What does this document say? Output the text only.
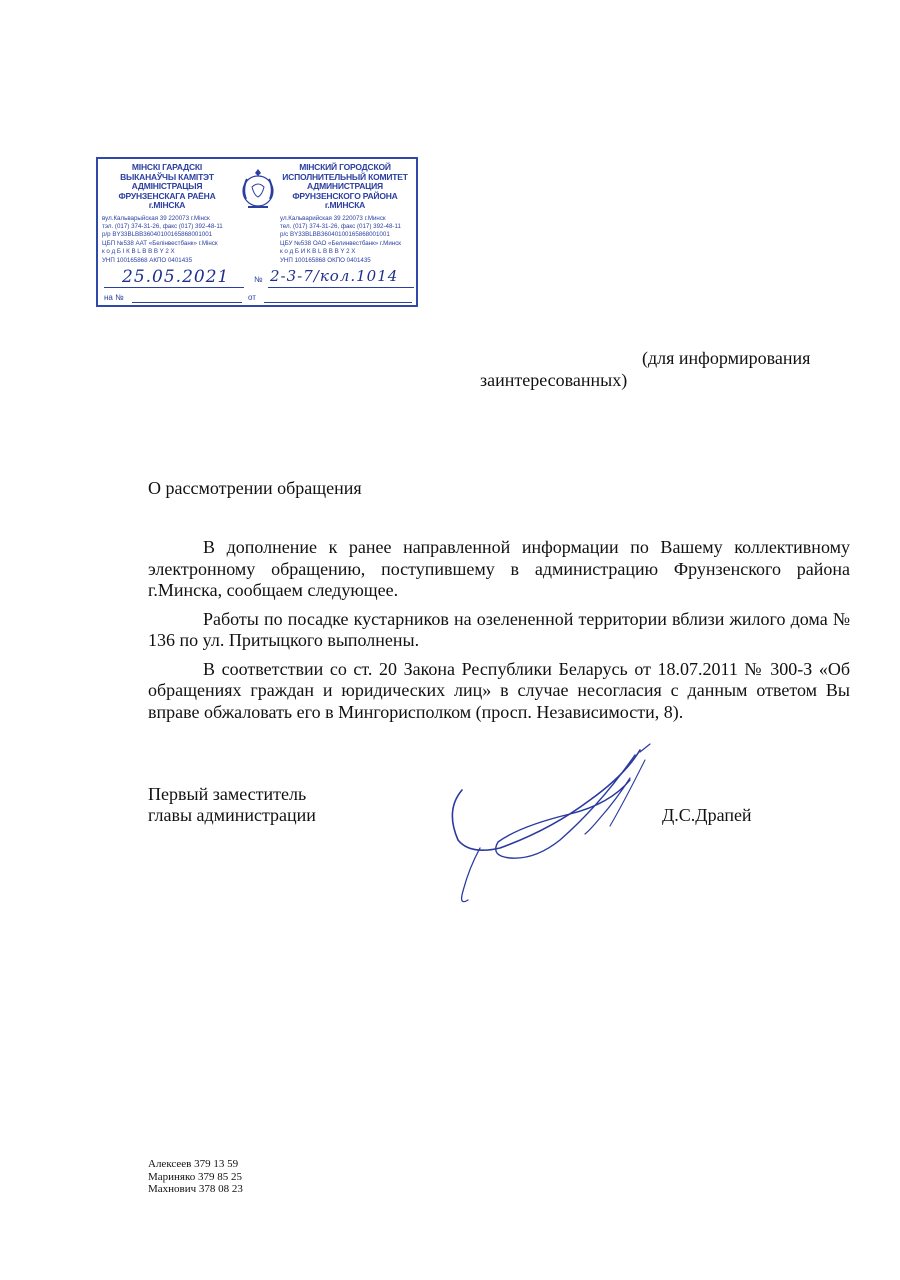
МІНСКІ ГАРАДСКІ
ВЫКАНАЎЧЫ КАМІТЭТ
АДМІНІСТРАЦЫЯ
ФРУНЗЕНСКАГА РАЁНА
г.МІНСКА
вул.Кальварыйская 39 220073 г.Мінск
тэл. (017) 374-31-26, факс (017) 392-48-11
р/р BY33BLBB36040100165868001001
ЦБП №538 ААТ «Белінвестбанк» г.Мінск
к о д Б І К B L B B B Y 2 X
УНП 100165868 АКПО 0401435
МІНСКИЙ ГОРОДСКОЙ
ИСПОЛНИТЕЛЬНЫЙ КОМИТЕТ
АДМИНИСТРАЦИЯ
ФРУНЗЕНСКОГО РАЙОНА
г.МИНСКА
ул.Кальварийская 39 220073 г.Минск
тел. (017) 374-31-26, факс (017) 392-48-11
р/с BY33BLBB36040100165868001001
ЦБУ №538 ОАО «Белинвестбанк» г.Минск
к о д Б И К B L B B B Y 2 X
УНП 100165868 ОКПО 0401435
25.05.2021	№ 2-3-7/кол.1014
на №	от
(для информирования
заинтересованных)
О рассмотрении обращения

В дополнение к ранее направленной информации по Вашему коллективному электронному обращению, поступившему в администрацию Фрунзенского района г.Минска, сообщаем следующее.

Работы по посадке кустарников на озелененной территории вблизи жилого дома № 136 по ул. Притыцкого выполнены.

В соответствии со ст. 20 Закона Республики Беларусь от 18.07.2011 № 300-З «Об обращениях граждан и юридических лиц» в случае несогласия с данным ответом Вы вправе обжаловать его в Мингорисполком (просп. Независимости, 8).

Первый заместитель
главы администрации	Д.С.Драпей
Алексеев 379 13 59
Мариняко 379 85 25
Махнович 378 08 23
